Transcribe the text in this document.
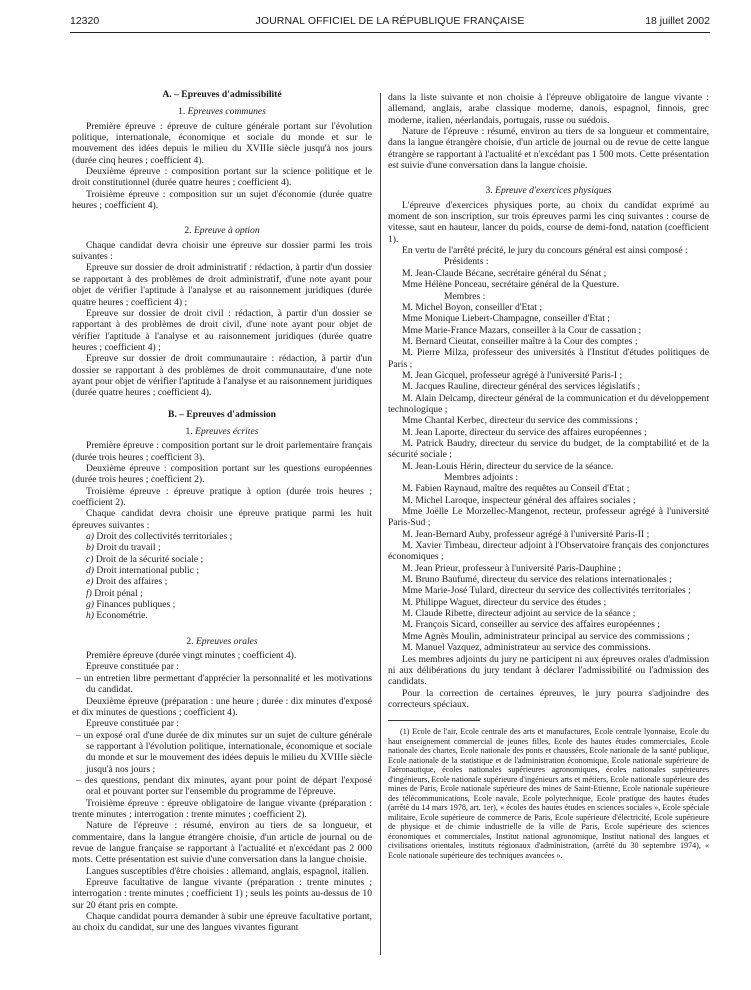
JOURNAL OFFICIEL DE LA RÉPUBLIQUE FRANÇAISE
12320	18 juillet 2002

A. – Epreuves d'admissibilité

1. Epreuves communes

Première épreuve : épreuve de culture générale portant sur l'évolution politique, internationale, économique et sociale du monde et sur le mouvement des idées depuis le milieu du XVIIIe siècle jusqu'à nos jours (durée cinq heures ; coefficient 4).

Deuxième épreuve : composition portant sur la science politique et le droit constitutionnel (durée quatre heures ; coefficient 4).

Troisième épreuve : composition sur un sujet d'économie (durée quatre heures ; coefficient 4).

2. Epreuve à option

Chaque candidat devra choisir une épreuve sur dossier parmi les trois suivantes :

Epreuve sur dossier de droit administratif : rédaction, à partir d'un dossier se rapportant à des problèmes de droit administratif, d'une note ayant pour objet de vérifier l'aptitude à l'analyse et au raisonnement juridiques (durée quatre heures ; coefficient 4) ;

Epreuve sur dossier de droit civil : rédaction, à partir d'un dossier se rapportant à des problèmes de droit civil, d'une note ayant pour objet de vérifier l'aptitude à l'analyse et au raisonnement juridiques (durée quatre heures ; coefficient 4) ;

Epreuve sur dossier de droit communautaire : rédaction, à partir d'un dossier se rapportant à des problèmes de droit communautaire, d'une note ayant pour objet de vérifier l'aptitude à l'analyse et au raisonnement juridiques (durée quatre heures ; coefficient 4).

B. – Epreuves d'admission

1. Epreuves écrites

Première épreuve : composition portant sur le droit parlementaire français (durée trois heures ; coefficient 3).

Deuxième épreuve : composition portant sur les questions européennes (durée trois heures ; coefficient 2).

Troisième épreuve : épreuve pratique à option (durée trois heures ; coefficient 2).

Chaque candidat devra choisir une épreuve pratique parmi les huit épreuves suivantes :

a) Droit des collectivités territoriales ;

b) Droit du travail ;

c) Droit de la sécurité sociale ;

d) Droit international public ;

e) Droit des affaires ;

f) Droit pénal ;

g) Finances publiques ;

h) Econométrie.

2. Epreuves orales

Première épreuve (durée vingt minutes ; coefficient 4).

Epreuve constituée par :

– un entretien libre permettant d'apprécier la personnalité et les motivations du candidat.

Deuxième épreuve (préparation : une heure ; durée : dix minutes d'exposé et dix minutes de questions ; coefficient 4).

Epreuve constituée par :

– un exposé oral d'une durée de dix minutes sur un sujet de culture générale se rapportant à l'évolution politique, internationale, économique et sociale du monde et sur le mouvement des idées depuis le milieu du XVIIIe siècle jusqu'à nos jours ;

– des questions, pendant dix minutes, ayant pour point de départ l'exposé oral et pouvant porter sur l'ensemble du programme de l'épreuve.

Troisième épreuve : épreuve obligatoire de langue vivante (préparation : trente minutes ; interrogation : trente minutes ; coefficient 2).

Nature de l'épreuve : résumé, environ au tiers de sa longueur, et commentaire, dans la langue étrangère choisie, d'un article de journal ou de revue de langue française se rapportant à l'actualité et n'excédant pas 2 000 mots. Cette présentation est suivie d'une conversation dans la langue choisie.

Langues susceptibles d'être choisies : allemand, anglais, espagnol, italien.

Epreuve facultative de langue vivante (préparation : trente minutes ; interrogation : trente minutes ; coefficient 1) ; seuls les points au-dessus de 10 sur 20 étant pris en compte.

Chaque candidat pourra demander à subir une épreuve facultative portant, au choix du candidat, sur une des langues vivantes figurant

dans la liste suivante et non choisie à l'épreuve obligatoire de langue vivante : allemand, anglais, arabe classique moderne, danois, espagnol, finnois, grec moderne, italien, néerlandais, portugais, russe ou suédois.

Nature de l'épreuve : résumé, environ au tiers de sa longueur et commentaire, dans la langue étrangère choisie, d'un article de journal ou de revue de cette langue étrangère se rapportant à l'actualité et n'excédant pas 1 500 mots. Cette présentation est suivie d'une conversation dans la langue choisie.

3. Epreuve d'exercices physiques

L'épreuve d'exercices physiques porte, au choix du candidat exprimé au moment de son inscription, sur trois épreuves parmi les cinq suivantes : course de vitesse, saut en hauteur, lancer du poids, course de demi-fond, natation (coefficient 1).

En vertu de l'arrêté précité, le jury du concours général est ainsi composé :

Présidents :

M. Jean-Claude Bécane, secrétaire général du Sénat ;

Mme Hélène Ponceau, secrétaire général de la Questure.

Membres :

M. Michel Boyon, conseiller d'Etat ;

Mme Monique Liebert-Champagne, conseiller d'Etat ;

Mme Marie-France Mazars, conseiller à la Cour de cassation ;

M. Bernard Cieutat, conseiller maître à la Cour des comptes ;

M. Pierre Milza, professeur des universités à l'Institut d'études politiques de Paris ;

M. Jean Gicquel, professeur agrégé à l'université Paris-I ;

M. Jacques Rauline, directeur général des services législatifs ;

M. Alain Delcamp, directeur général de la communication et du développement technologique ;

Mme Chantal Kerbec, directeur du service des commissions ;

M. Jean Laporte, directeur du service des affaires européennes ;

M. Patrick Baudry, directeur du service du budget, de la comptabilité et de la sécurité sociale ;

M. Jean-Louis Hérin, directeur du service de la séance.

Membres adjoints :

M. Fabien Raynaud, maître des requêtes au Conseil d'Etat ;

M. Michel Laroque, inspecteur général des affaires sociales ;

Mme Joëlle Le Morzellec-Mangenot, recteur, professeur agrégé à l'université Paris-Sud ;

M. Jean-Bernard Auby, professeur agrégé à l'université Paris-II ;

M. Xavier Timbeau, directeur adjoint à l'Observatoire français des conjonctures économiques ;

M. Jean Prieur, professeur à l'université Paris-Dauphine ;

M. Bruno Baufumé, directeur du service des relations internationales ;

Mme Marie-José Tulard, directeur du service des collectivités territoriales ;

M. Philippe Waguet, directeur du service des études ;

M. Claude Ribette, directeur adjoint au service de la séance ;

M. François Sicard, conseiller au service des affaires européennes ;

Mme Agnès Moulin, administrateur principal au service des commissions ;

M. Manuel Vazquez, administrateur au service des commissions.

Les membres adjoints du jury ne participent ni aux épreuves orales d'admission ni aux délibérations du jury tendant à déclarer l'admissibilité ou l'admission des candidats.

Pour la correction de certaines épreuves, le jury pourra s'adjoindre des correcteurs spéciaux.

(1) Ecole de l'air, Ecole centrale des arts et manufactures, Ecole centrale lyonnaise, Ecole du haut enseignement commercial de jeunes filles, Ecole des hautes études commerciales, Ecole nationale des chartes, Ecole nationale des ponts et chaussées, Ecole nationale de la santé publique, Ecole nationale de la statistique et de l'administration économique, Ecole nationale supérieure de l'aéronautique, écoles nationales supérieures agronomiques, écoles nationales supérieures d'ingénieurs, Ecole nationale supérieure d'ingénieurs arts et métiers, Ecole nationale supérieure des mines de Paris, Ecole nationale supérieure des mines de Saint-Etienne, Ecole nationale supérieure des télécommunications, Ecole navale, Ecole polytechnique, Ecole pratique des hautes études (arrêté du 14 mars 1978, art. 1er), « écoles des hautes études en sciences sociales », Ecole spéciale militaire, Ecole supérieure de commerce de Paris, Ecole supérieure d'électricité, Ecole supérieure de physique et de chimie industrielle de la ville de Paris, Ecole supérieure des sciences économiques et commerciales, Institut national agronomique, Institut national des langues et civilisations orientales, instituts régionaux d'administration, (arrêté du 30 septembre 1974), « Ecole nationale supérieure des techniques avancées ».
